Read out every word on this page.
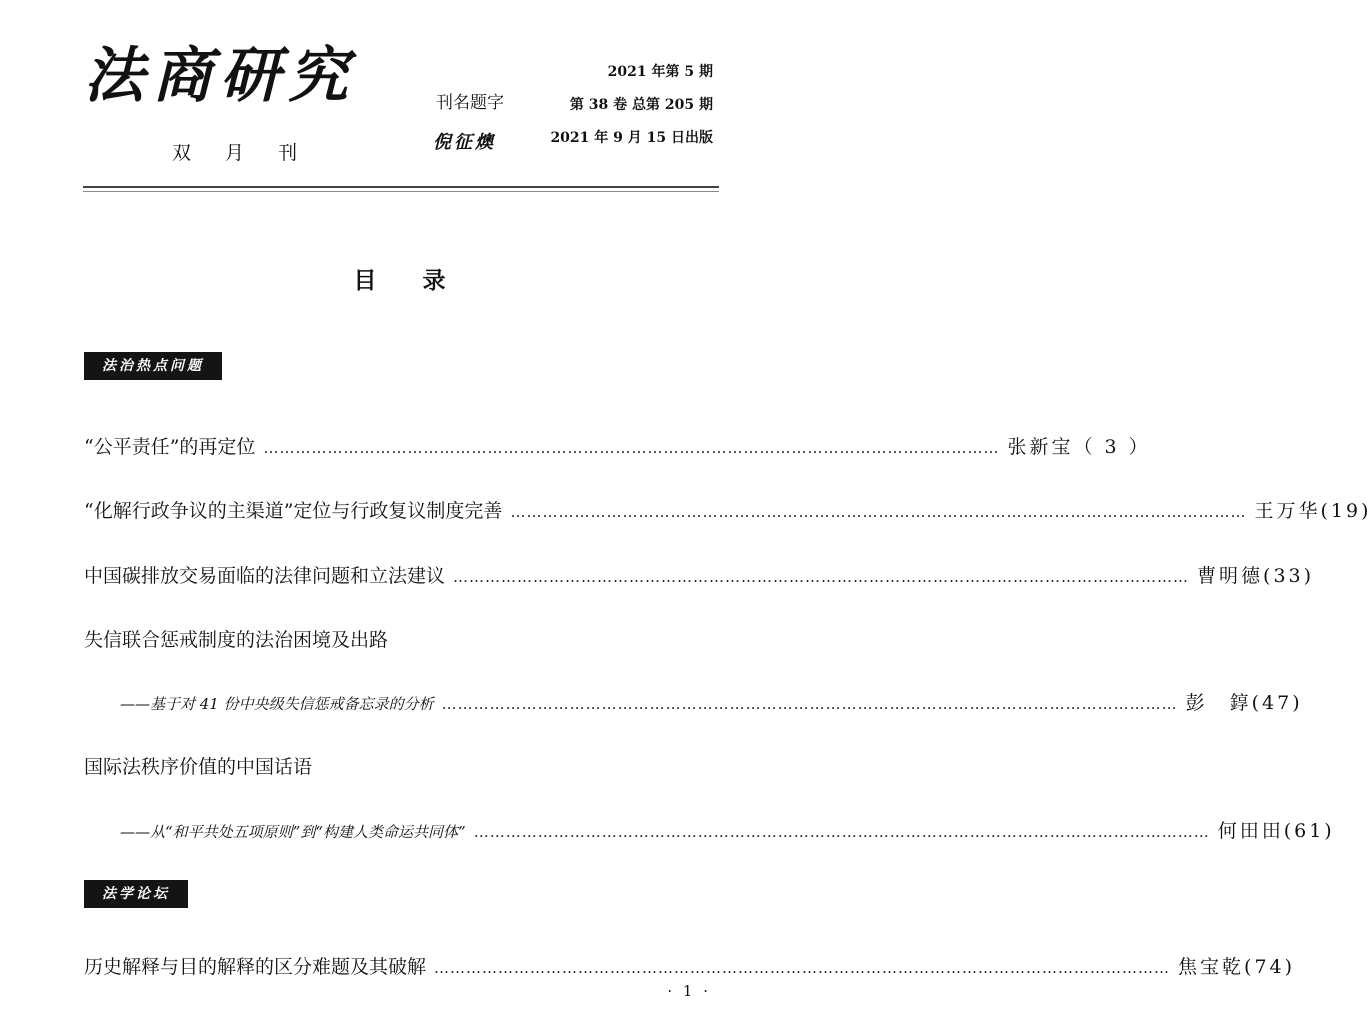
法商研究
双 月 刊
刊名题字
倪征燠
2021 年第 5 期
第 38 卷 总第 205 期
2021 年 9 月 15 日出版
目录
法治热点问题
“公平责任”的再定位 ………………………………………………………………………………………………………………………… 张新宝（ 3 ）
“化解行政争议的主渠道”定位与行政复议制度完善 ………………………………………………………………………………………………………………………… 王万华(19)
中国碳排放交易面临的法律问题和立法建议 ………………………………………………………………………………………………………………………… 曹明德(33)
失信联合惩戒制度的法治困境及出路
——基于对 41 份中央级失信惩戒备忘录的分析 ………………………………………………………………………………………………………………………… 彭　錞(47)
国际法秩序价值的中国话语
——从“和平共处五项原则”到“构建人类命运共同体” ………………………………………………………………………………………………………………………… 何田田(61)
法学论坛
历史解释与目的解释的区分难题及其破解 ………………………………………………………………………………………………………………………… 焦宝乾(74)
· 1 ·
